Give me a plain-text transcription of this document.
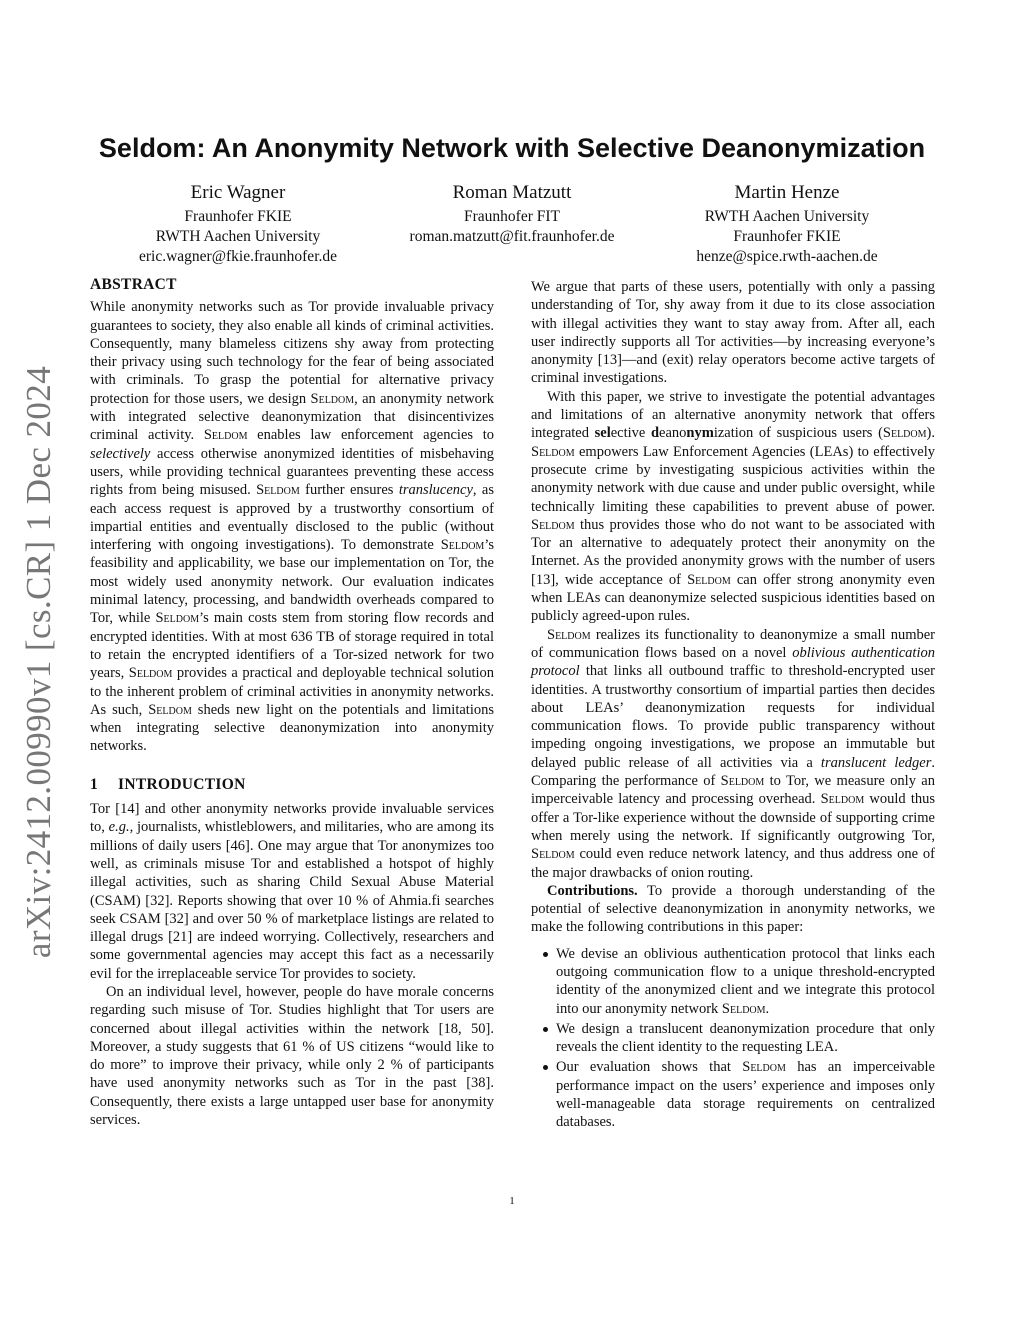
arXiv:2412.00990v1 [cs.CR] 1 Dec 2024
Seldom: An Anonymity Network with Selective Deanonymization
Eric Wagner
Fraunhofer FKIE
RWTH Aachen University
eric.wagner@fkie.fraunhofer.de
Roman Matzutt
Fraunhofer FIT
roman.matzutt@fit.fraunhofer.de
Martin Henze
RWTH Aachen University
Fraunhofer FKIE
henze@spice.rwth-aachen.de
ABSTRACT

While anonymity networks such as Tor provide invaluable privacy guarantees to society, they also enable all kinds of criminal activities. Consequently, many blameless citizens shy away from protecting their privacy using such technology for the fear of being associated with criminals. To grasp the potential for alternative privacy protection for those users, we design Seldom, an anonymity network with integrated selective deanonymization that disincentivizes criminal activity. Seldom enables law enforcement agencies to selectively access otherwise anonymized identities of misbehaving users, while providing technical guarantees preventing these access rights from being misused. Seldom further ensures translucency, as each access request is approved by a trustworthy consortium of impartial entities and eventually disclosed to the public (without interfering with ongoing investigations). To demonstrate Seldom’s feasibility and applicability, we base our implementation on Tor, the most widely used anonymity network. Our evaluation indicates minimal latency, processing, and bandwidth overheads compared to Tor, while Seldom’s main costs stem from storing flow records and encrypted identities. With at most 636 TB of storage required in total to retain the encrypted identifiers of a Tor-sized network for two years, Seldom provides a practical and deployable technical solution to the inherent problem of criminal activities in anonymity networks. As such, Seldom sheds new light on the potentials and limitations when integrating selective deanonymization into anonymity networks.

1 INTRODUCTION

Tor [14] and other anonymity networks provide invaluable services to, e.g., journalists, whistleblowers, and militaries, who are among its millions of daily users [46]. One may argue that Tor anonymizes too well, as criminals misuse Tor and established a hotspot of highly illegal activities, such as sharing Child Sexual Abuse Material (CSAM) [32]. Reports showing that over 10 % of Ahmia.fi searches seek CSAM [32] and over 50 % of marketplace listings are related to illegal drugs [21] are indeed worrying. Collectively, researchers and some governmental agencies may accept this fact as a necessarily evil for the irreplaceable service Tor provides to society.

On an individual level, however, people do have morale concerns regarding such misuse of Tor. Studies highlight that Tor users are concerned about illegal activities within the network [18, 50]. Moreover, a study suggests that 61 % of US citizens “would like to do more” to improve their privacy, while only 2 % of participants have used anonymity networks such as Tor in the past [38]. Consequently, there exists a large untapped user base for anonymity services.

We argue that parts of these users, potentially with only a passing understanding of Tor, shy away from it due to its close association with illegal activities they want to stay away from. After all, each user indirectly supports all Tor activities—by increasing everyone’s anonymity [13]—and (exit) relay operators become active targets of criminal investigations.

With this paper, we strive to investigate the potential advantages and limitations of an alternative anonymity network that offers integrated selective deanonymization of suspicious users (Seldom). Seldom empowers Law Enforcement Agencies (LEAs) to effectively prosecute crime by investigating suspicious activities within the anonymity network with due cause and under public oversight, while technically limiting these capabilities to prevent abuse of power. Seldom thus provides those who do not want to be associated with Tor an alternative to adequately protect their anonymity on the Internet. As the provided anonymity grows with the number of users [13], wide acceptance of Seldom can offer strong anonymity even when LEAs can deanonymize selected suspicious identities based on publicly agreed-upon rules.

Seldom realizes its functionality to deanonymize a small number of communication flows based on a novel oblivious authentication protocol that links all outbound traffic to threshold-encrypted user identities. A trustworthy consortium of impartial parties then decides about LEAs’ deanonymization requests for individual communication flows. To provide public transparency without impeding ongoing investigations, we propose an immutable but delayed public release of all activities via a translucent ledger. Comparing the performance of Seldom to Tor, we measure only an imperceivable latency and processing overhead. Seldom would thus offer a Tor-like experience without the downside of supporting crime when merely using the network. If significantly outgrowing Tor, Seldom could even reduce network latency, and thus address one of the major drawbacks of onion routing.

Contributions. To provide a thorough understanding of the potential of selective deanonymization in anonymity networks, we make the following contributions in this paper:

We devise an oblivious authentication protocol that links each outgoing communication flow to a unique threshold-encrypted identity of the anonymized client and we integrate this protocol into our anonymity network Seldom.
We design a translucent deanonymization procedure that only reveals the client identity to the requesting LEA.
Our evaluation shows that Seldom has an imperceivable performance impact on the users’ experience and imposes only well-manageable data storage requirements on centralized databases.
1
